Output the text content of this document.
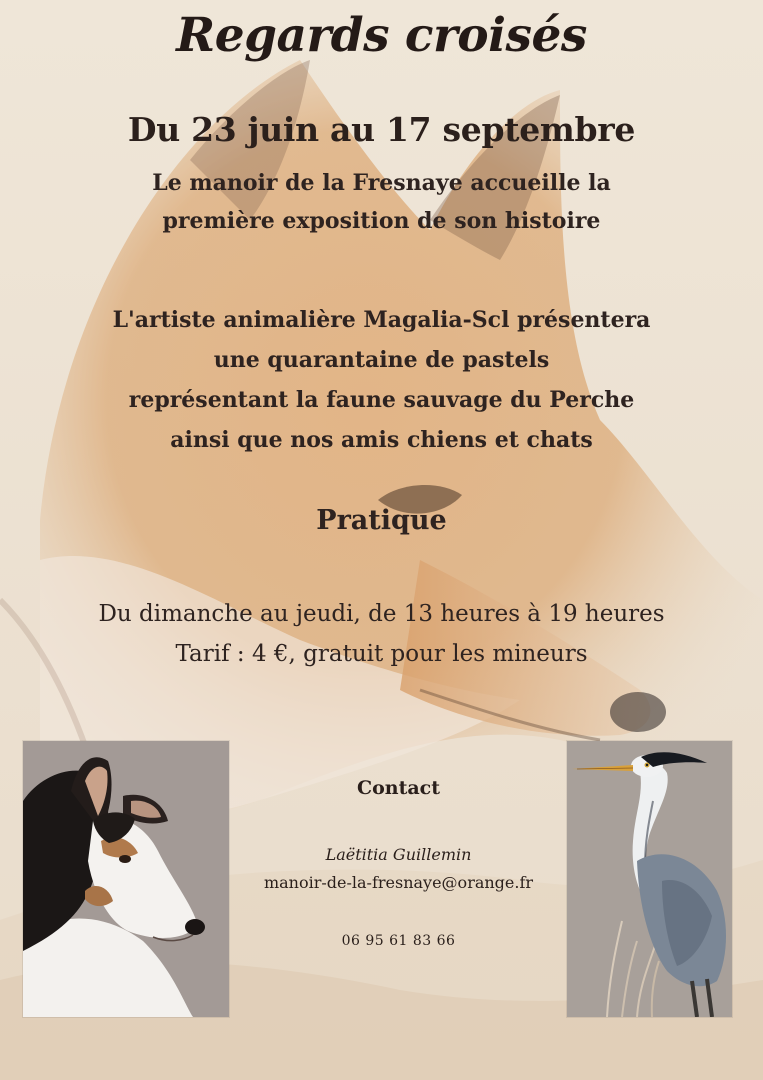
Regards croisés
Du 23 juin au 17 septembre
Le manoir de la Fresnaye accueille la
première exposition de son histoire
L'artiste animalière Magalia-Scl présentera
une quarantaine de pastels
représentant la faune sauvage du Perche
ainsi que nos amis chiens et chats
Pratique
Du dimanche au jeudi, de 13 heures à 19 heures
Tarif : 4 €, gratuit pour les mineurs
Contact
Laëtitia Guillemin
manoir-de-la-fresnaye@orange.fr
06 95 61 83 66
